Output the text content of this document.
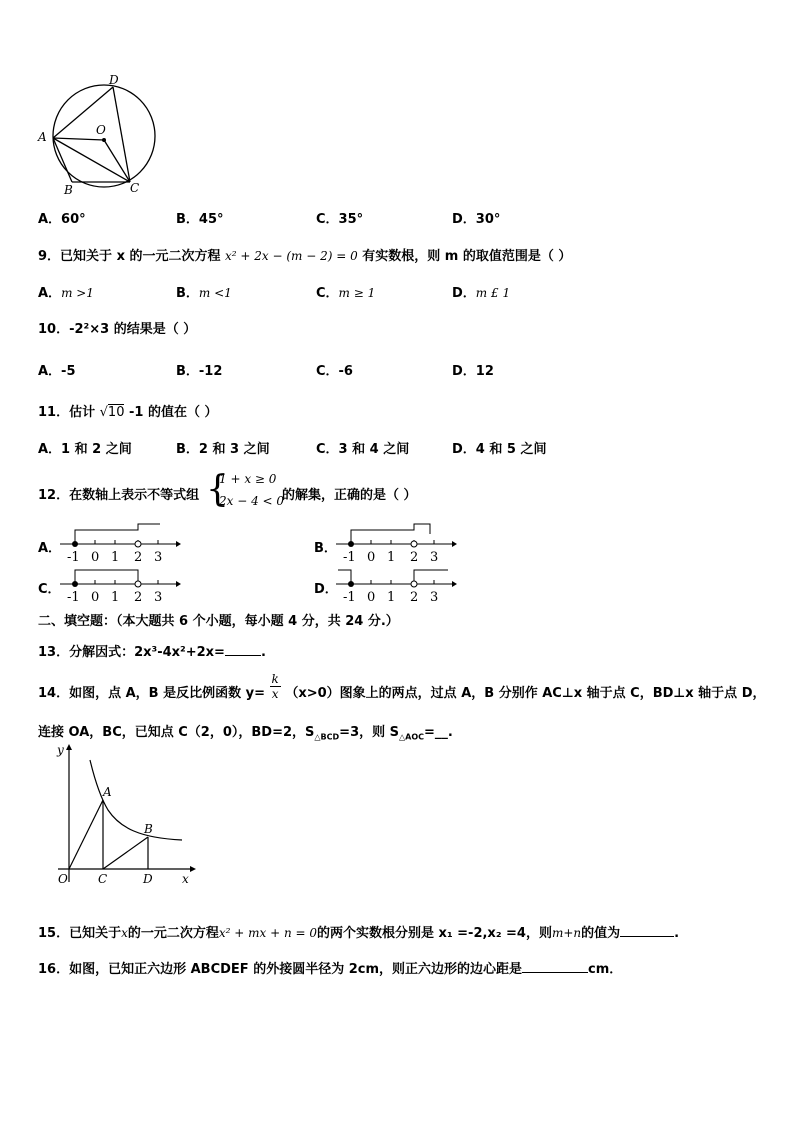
D
A	O
B	C
A．60°	B．45°	C．35°	D．30°
9．已知关于 x 的一元二次方程 x² + 2x − (m − 2) = 0 有实数根，则 m 的取值范围是（ ）
A．m >1	B．m <1	C．m ≥ 1	D．m £ 1
10．-2²×3 的结果是（ ）
A．-5	B．-12	C．-6	D．12
11．估计 √10 -1 的值在（ ）
A．1 和 2 之间	B．2 和 3 之间	C．3 和 4 之间	D．4 和 5 之间
12．在数轴上表示不等式组 {
1 + x ≥ 0
2x − 4 < 0
的解集，正确的是（ ）
A．	B．
C．	D．
-1 0 1 2 3	-1 0 1 2 3
-1 0 1 2 3	-1 0 1 2 3
二、填空题：（本大题共 6 个小题，每小题 4 分，共 24 分.）
13．分解因式：2x³-4x²+2x=	.
14．如图，点 A，B 是反比例函数 $y= \frac{k}{x} (x>0)$图象上的两点，过点 A，B 分别作 AC⊥x 轴于点 C，BD⊥x 轴于点 D，
连接 OA，BC，已知点 C（2，0），BD=2，$S_{\triangle BCD}=3$，则 $S_{\triangle AOC}=\_\_$.
y
A
B
O	C	D x
15．已知关于x的一元二次方程x² + mx + n = 0的两个实数根分别是 x₁ =-2,x₂ =4，则m+n的值为	.
16．如图，已知正六边形 ABCDEF 的外接圆半径为 2cm，则正六边形的边心距是	cm．
